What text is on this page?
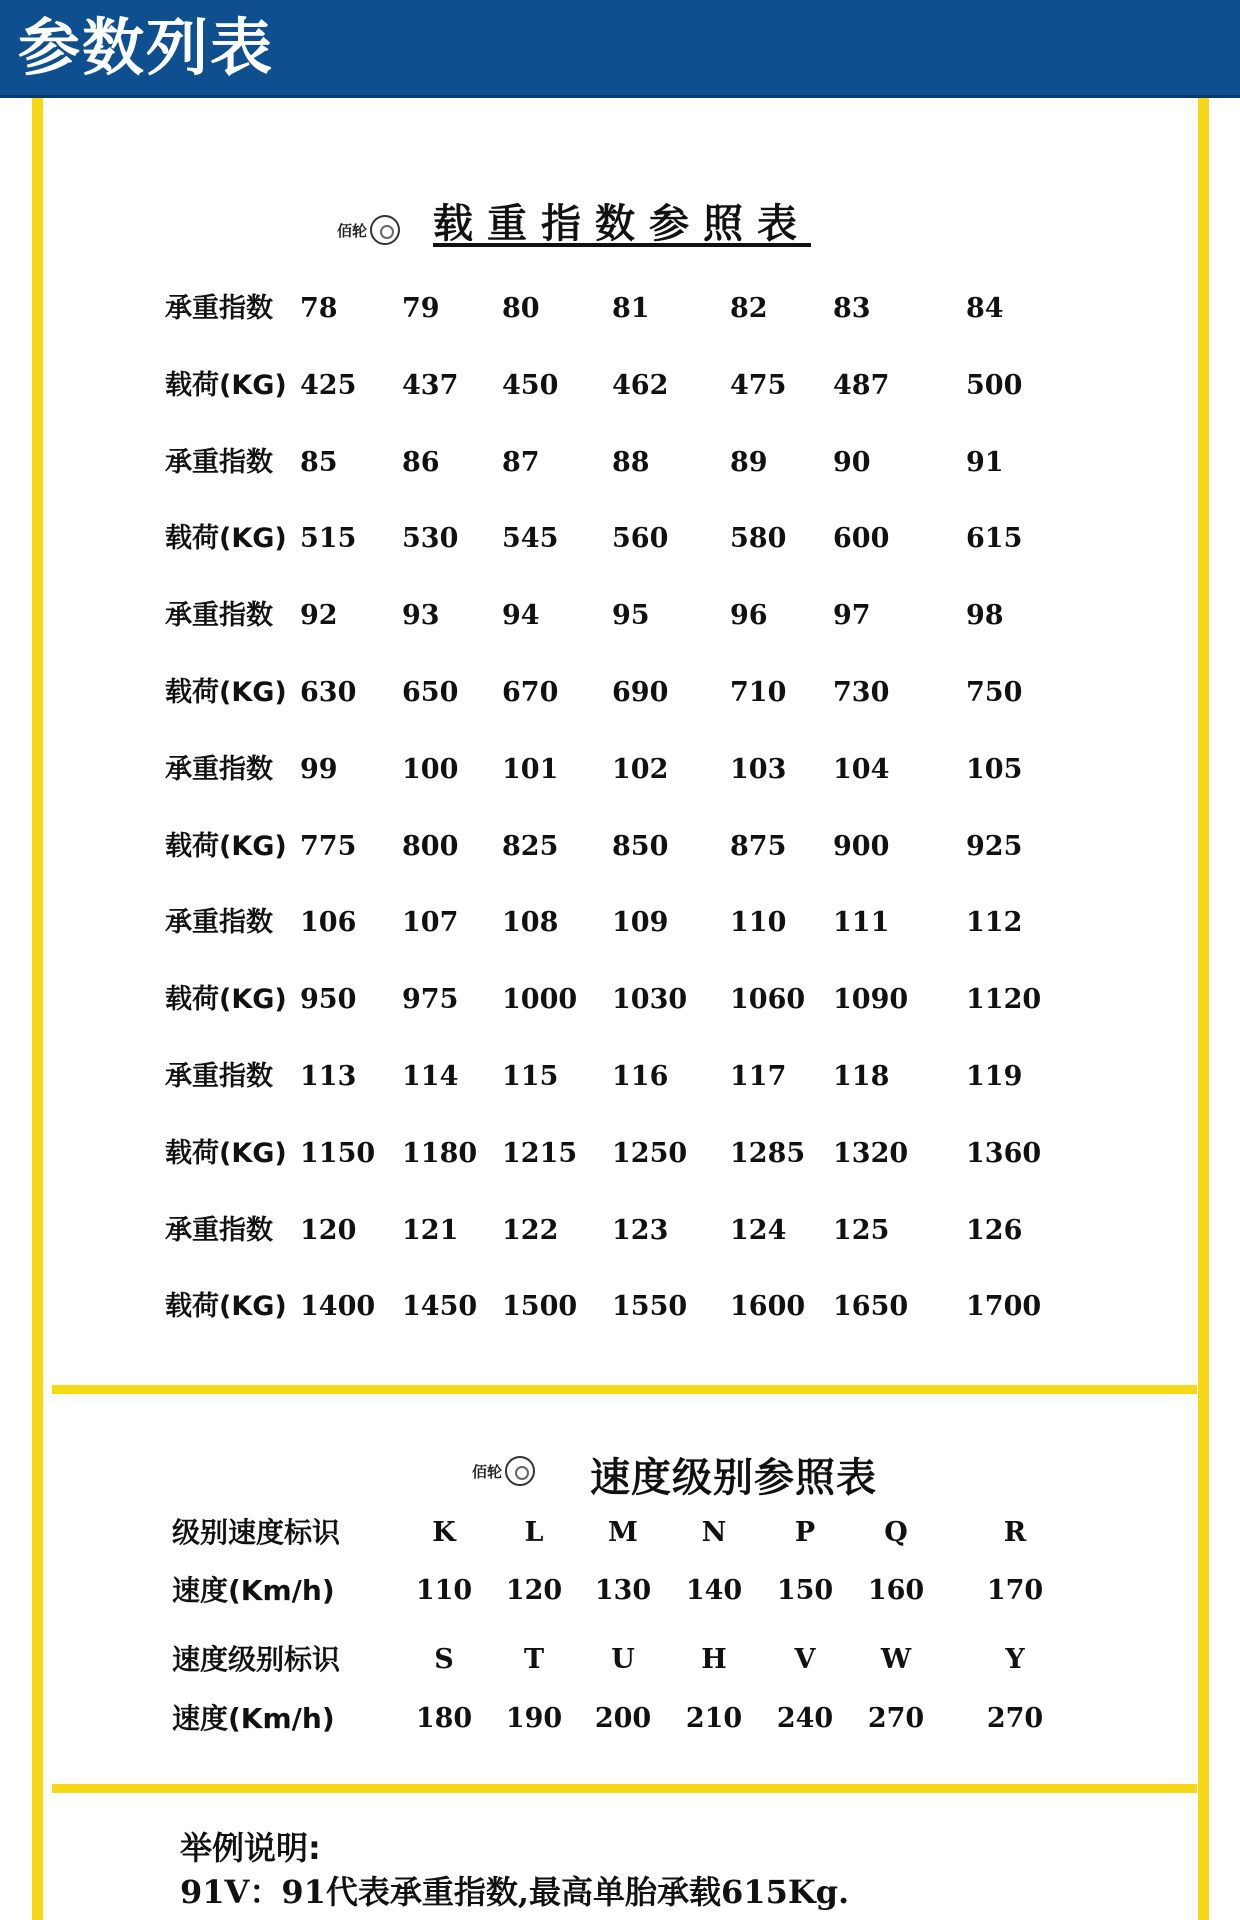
参数列表
佰轮 载重指数参照表
承重指数 78 79 80	81	82 83	84
载荷(KG) 425 437 450 462 475 487	500
承重指数 85 86 87	88	89 90	91
载荷(KG) 515 530 545 560 580 600	615
承重指数 92 93 94	95	96 97	98
载荷(KG) 630 650 670 690 710 730	750
承重指数 99 100 101 102 103 104	105
载荷(KG) 775 800 825 850 875 900	925
承重指数 106 107 108 109 110 111	112
载荷(KG) 950 975 1000 1030 1060 1090 1120
承重指数 113 114 115 116 117 118	119
载荷(KG) 1150 1180 1215 1250 1285 1320 1360
承重指数 120 121 122 123 124 125	126
载荷(KG) 1400 1450 1500 1550 1600 1650 1700
佰轮 速度级别参照表
级别速度标识	K	L	M	N	P	Q	R
速度(Km/h)	110	120	130	140	150	160	170
速度级别标识	S	T	U	H	V	W	Y
速度(Km/h)	180	190	200	210	240	270	270
举例说明:
91V：91代表承重指数,最高单胎承载615Kg.
